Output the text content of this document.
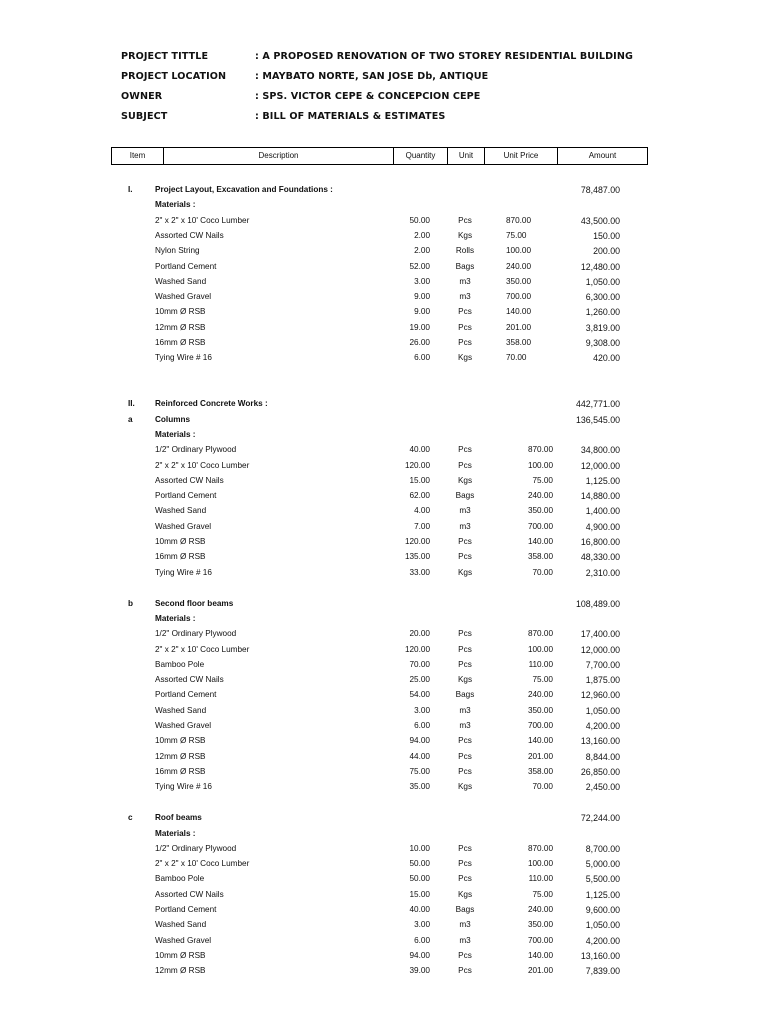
PROJECT TITTLE	: A PROPOSED RENOVATION OF TWO STOREY RESIDENTIAL BUILDING
PROJECT LOCATION	: MAYBATO NORTE, SAN JOSE Db, ANTIQUE
OWNER	: SPS. VICTOR CEPE & CONCEPCION CEPE
SUBJECT	: BILL OF MATERIALS & ESTIMATES
Item	Description	Quantity	Unit	Unit Price	Amount
I.	Project Layout, Excavation and Foundations :	78,487.00
Materials :
2" x 2" x 10' Coco Lumber	50.00	Pcs	870.00	43,500.00
Assorted CW Nails	2.00	Kgs	75.00	150.00
Nylon String	2.00	Rolls	100.00	200.00
Portland Cement	52.00	Bags	240.00	12,480.00
Washed Sand	3.00	m3	350.00	1,050.00
Washed Gravel	9.00	m3	700.00	6,300.00
10mm Ø RSB	9.00	Pcs	140.00	1,260.00
12mm Ø RSB	19.00	Pcs	201.00	3,819.00
16mm Ø RSB	26.00	Pcs	358.00	9,308.00
Tying Wire # 16	6.00	Kgs	70.00	420.00
II.	Reinforced Concrete Works :	442,771.00
a	Columns	136,545.00
Materials :
1/2" Ordinary Plywood	40.00	Pcs	870.00	34,800.00
2" x 2" x 10' Coco Lumber	120.00	Pcs	100.00	12,000.00
Assorted CW Nails	15.00	Kgs	75.00	1,125.00
Portland Cement	62.00	Bags	240.00	14,880.00
Washed Sand	4.00	m3	350.00	1,400.00
Washed Gravel	7.00	m3	700.00	4,900.00
10mm Ø RSB	120.00	Pcs	140.00	16,800.00
16mm Ø RSB	135.00	Pcs	358.00	48,330.00
Tying Wire # 16	33.00	Kgs	70.00	2,310.00
b	Second floor beams	108,489.00
Materials :
1/2" Ordinary Plywood	20.00	Pcs	870.00	17,400.00
2" x 2" x 10' Coco Lumber	120.00	Pcs	100.00	12,000.00
Bamboo Pole	70.00	Pcs	110.00	7,700.00
Assorted CW Nails	25.00	Kgs	75.00	1,875.00
Portland Cement	54.00	Bags	240.00	12,960.00
Washed Sand	3.00	m3	350.00	1,050.00
Washed Gravel	6.00	m3	700.00	4,200.00
10mm Ø RSB	94.00	Pcs	140.00	13,160.00
12mm Ø RSB	44.00	Pcs	201.00	8,844.00
16mm Ø RSB	75.00	Pcs	358.00	26,850.00
Tying Wire # 16	35.00	Kgs	70.00	2,450.00
c	Roof beams	72,244.00
Materials :
1/2" Ordinary Plywood	10.00	Pcs	870.00	8,700.00
2" x 2" x 10' Coco Lumber	50.00	Pcs	100.00	5,000.00
Bamboo Pole	50.00	Pcs	110.00	5,500.00
Assorted CW Nails	15.00	Kgs	75.00	1,125.00
Portland Cement	40.00	Bags	240.00	9,600.00
Washed Sand	3.00	m3	350.00	1,050.00
Washed Gravel	6.00	m3	700.00	4,200.00
10mm Ø RSB	94.00	Pcs	140.00	13,160.00
12mm Ø RSB	39.00	Pcs	201.00	7,839.00
